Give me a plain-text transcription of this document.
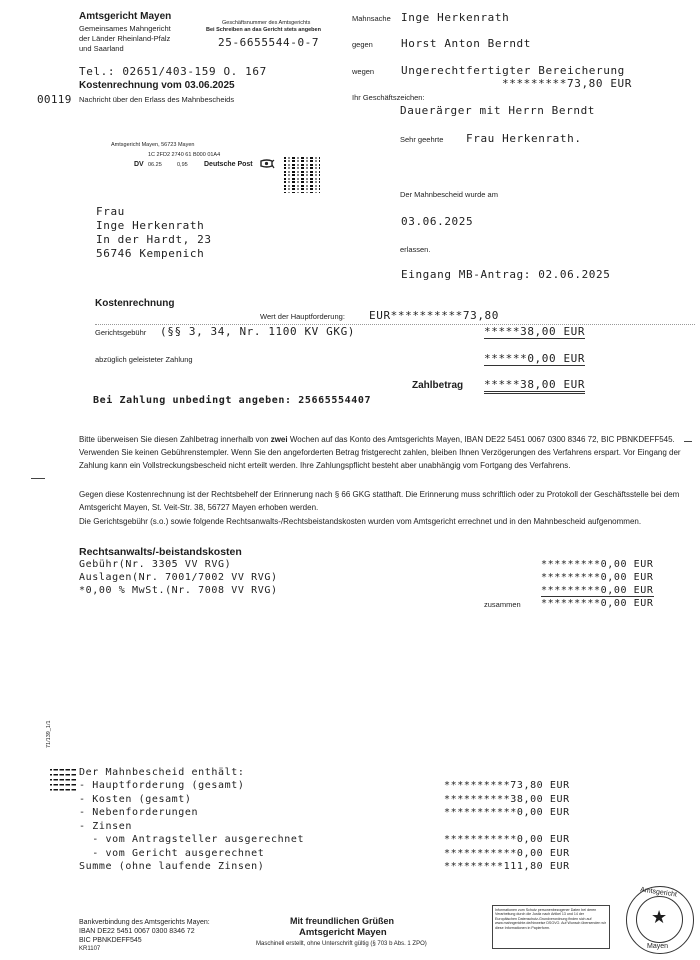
Amtsgericht Mayen
Gemeinsames Mahngericht
der Länder Rheinland-Pfalz
und Saarland
Tel.: 02651/403-159 O. 167
Kostenrechnung vom 03.06.2025
00119 Nachricht über den Erlass des Mahnbescheids
Geschäftsnummer des Amtsgerichts
Bei Schreiben an das Gericht stets angeben
25-6655544-0-7
Mahnsache Inge Herkenrath
gegen	Horst Anton Berndt
wegen Ungerechtfertigter Bereicherung
*********73,80 EUR
Ihr Geschäftszeichen:
Dauerärger mit Herrn Berndt
Sehr geehrte Frau Herkenrath.
Der Mahnbescheid wurde am
03.06.2025
erlassen.
Eingang MB-Antrag: 02.06.2025
Amtsgericht Mayen, 56723 Mayen
1C 2FD2 2740 61 B000 01A4
DV 06.25	0,95 Deutsche Post
Frau
Inge Herkenrath
In der Hardt, 23
56746 Kempenich
Kostenrechnung
Wert der Hauptforderung: EUR**********73,80
Gerichtsgebühr (§§ 3, 34, Nr. 1100 KV GKG)	*****38,00 EUR
abzüglich geleisteter Zahlung	******0,00 EUR
Zahlbetrag *****38,00 EUR
Bei Zahlung unbedingt angeben: 25665554407
Bitte überweisen Sie diesen Zahlbetrag innerhalb von zwei Wochen auf das Konto des Amtsgerichts Mayen, IBAN DE22 5451 0067 0300 8346 72, BIC PBNKDEFF545. Verwenden Sie keinen Gebührenstempler. Wenn Sie den angeforderten Betrag fristgerecht zahlen, bleiben Ihnen Verzögerungen des Verfahrens erspart. Vor Eingang der Zahlung kann ein Vollstreckungsbescheid nicht erteilt werden. Ihre Zahlungspflicht besteht aber unabhängig vom Fortgang des Verfahrens.
Gegen diese Kostenrechnung ist der Rechtsbehelf der Erinnerung nach § 66 GKG statthaft. Die Erinnerung muss schriftlich oder zu Protokoll der Geschäftsstelle bei dem Amtsgericht Mayen, St. Veit-Str. 38, 56727 Mayen erhoben werden.
Die Gerichtsgebühr (s.o.) sowie folgende Rechtsanwalts-/Rechtsbeistandskosten wurden vom Amtsgericht errechnet und in den Mahnbescheid aufgenommen.
Rechtsanwalts/-beistandskosten
Gebühr(Nr. 3305 VV RVG)	*********0,00 EUR
Auslagen(Nr. 7001/7002 VV RVG)	*********0,00 EUR
*0,00 % MwSt.(Nr. 7008 VV RVG)	*********0,00 EUR
zusammen *********0,00 EUR
71/139_1/1
Der Mahnbescheid enthält:
- Hauptforderung (gesamt)	**********73,80 EUR
- Kosten (gesamt)	**********38,00 EUR
- Nebenforderungen	***********0,00 EUR
- Zinsen
- vom Antragsteller ausgerechnet	***********0,00 EUR
- vom Gericht ausgerechnet	***********0,00 EUR
Summe (ohne laufende Zinsen)	*********111,80 EUR
Bankverbindung des Amtsgerichts Mayen:
IBAN DE22 5451 0067 0300 8346 72
BIC PBNKDEFF545
KR1107
Mit freundlichen Grüßen
Amtsgericht Mayen
Maschinell erstellt, ohne Unterschrift gültig (§ 703 b Abs. 1 ZPO)
Informationen zum Schutz personenbezogener Daten bei deren Verarbeitung durch die Justiz nach Artikel 13 und 14 der Europäischen Datenschutz-Grundverordnung finden sich auf www.mahngerichte.de/hinweise DSGVO. Auf Wunsch übersenden wir diese Informationen in Papierform.
Amtsgericht
Mayen
★
